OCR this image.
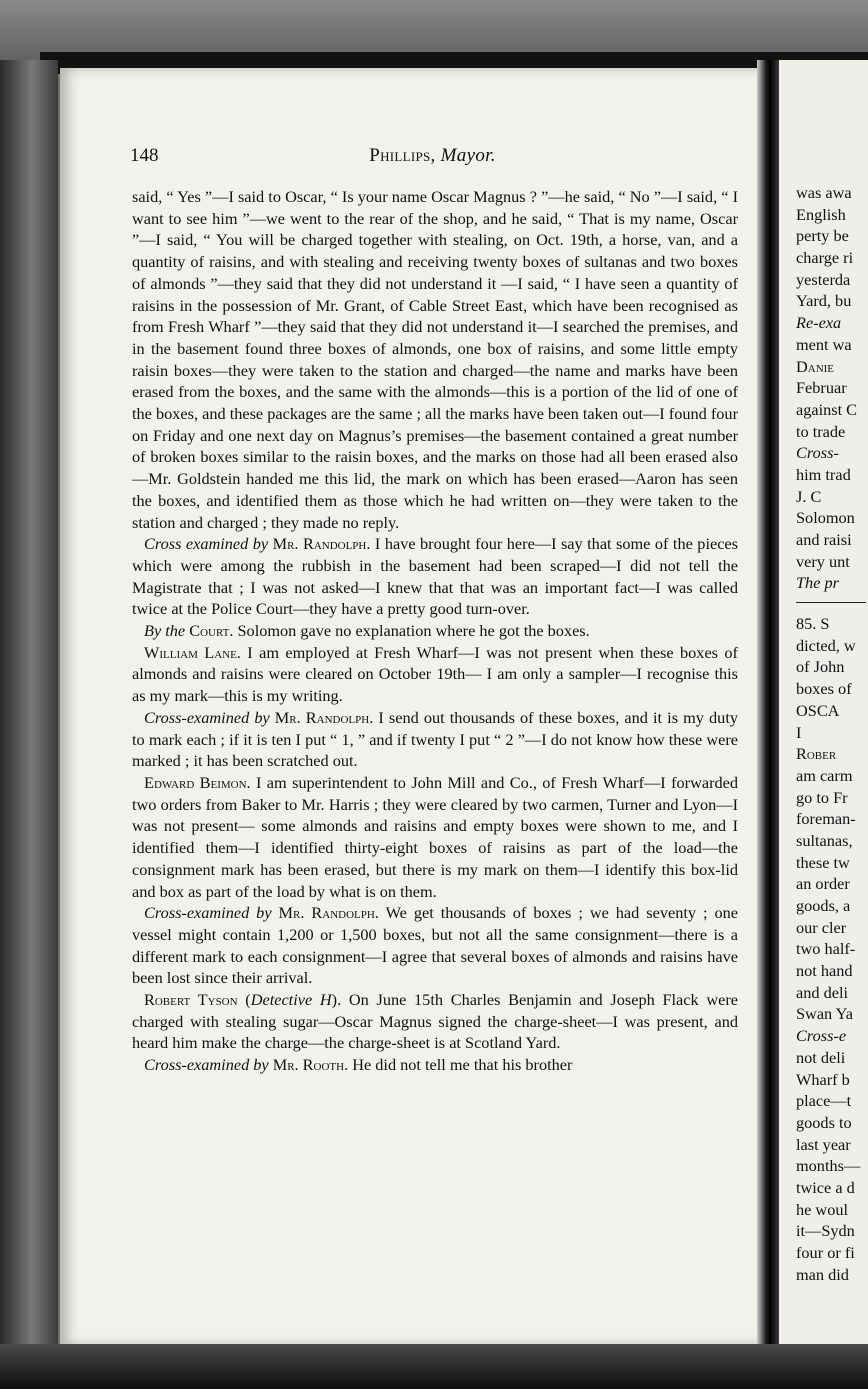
148	Phillips, Mayor.

said, “ Yes ”—I said to Oscar, “ Is your name Oscar Magnus ? ”—he said, “ No ”—I said, “ I want to see him ”—we went to the rear of the shop, and he said, “ That is my name, Oscar ”—I said, “ You will be charged together with stealing, on Oct. 19th, a horse, van, and a quantity of raisins, and with stealing and receiving twenty boxes of sultanas and two boxes of almonds ”—they said that they did not understand it —I said, “ I have seen a quantity of raisins in the possession of Mr. Grant, of Cable Street East, which have been recognised as from Fresh Wharf ”—they said that they did not understand it—I searched the premises, and in the basement found three boxes of almonds, one box of raisins, and some little empty raisin boxes—they were taken to the station and charged—the name and marks have been erased from the boxes, and the same with the almonds—this is a portion of the lid of one of the boxes, and these packages are the same ; all the marks have been taken out—I found four on Friday and one next day on Magnus’s premises—the basement contained a great number of broken boxes similar to the raisin boxes, and the marks on those had all been erased also—Mr. Goldstein handed me this lid, the mark on which has been erased—Aaron has seen the boxes, and identified them as those which he had written on—they were taken to the station and charged ; they made no reply.

Cross examined by Mr. Randolph. I have brought four here—I say that some of the pieces which were among the rubbish in the basement had been scraped—I did not tell the Magistrate that ; I was not asked—I knew that that was an important fact—I was called twice at the Police Court—they have a pretty good turn-over.

By the Court. Solomon gave no explanation where he got the boxes.

William Lane. I am employed at Fresh Wharf—I was not present when these boxes of almonds and raisins were cleared on October 19th— I am only a sampler—I recognise this as my mark—this is my writing.

Cross-examined by Mr. Randolph. I send out thousands of these boxes, and it is my duty to mark each ; if it is ten I put “ 1, ” and if twenty I put “ 2 ”—I do not know how these were marked ; it has been scratched out.

Edward Beimon. I am superintendent to John Mill and Co., of Fresh Wharf—I forwarded two orders from Baker to Mr. Harris ; they were cleared by two carmen, Turner and Lyon—I was not present— some almonds and raisins and empty boxes were shown to me, and I identified them—I identified thirty-eight boxes of raisins as part of the load—the consignment mark has been erased, but there is my mark on them—I identify this box-lid and box as part of the load by what is on them.

Cross-examined by Mr. Randolph. We get thousands of boxes ; we had seventy ; one vessel might contain 1,200 or 1,500 boxes, but not all the same consignment—there is a different mark to each consignment—I agree that several boxes of almonds and raisins have been lost since their arrival.

Robert Tyson (Detective H). On June 15th Charles Benjamin and Joseph Flack were charged with stealing sugar—Oscar Magnus signed the charge-sheet—I was present, and heard him make the charge—the charge-sheet is at Scotland Yard.

Cross-examined by Mr. Rooth. He did not tell me that his brother

was awa
English
perty be
charge ri
yesterda
Yard, bu
Re-exa
ment wa
Danie
Februar
against C
to trade
Cross-
him trad
J. C
Solomon
and raisi
very unt
The pr
85. S
dicted, w
of John
boxes of
OSCA
I
Rober
am carm
go to Fr
foreman-
sultanas,
these tw
an order
goods, a
our cler
two half-
not hand
and deli
Swan Ya
Cross-e
not deli
Wharf b
place—t
goods to
last year
months—
twice a d
he woul
it—Sydn
four or fi
man did
